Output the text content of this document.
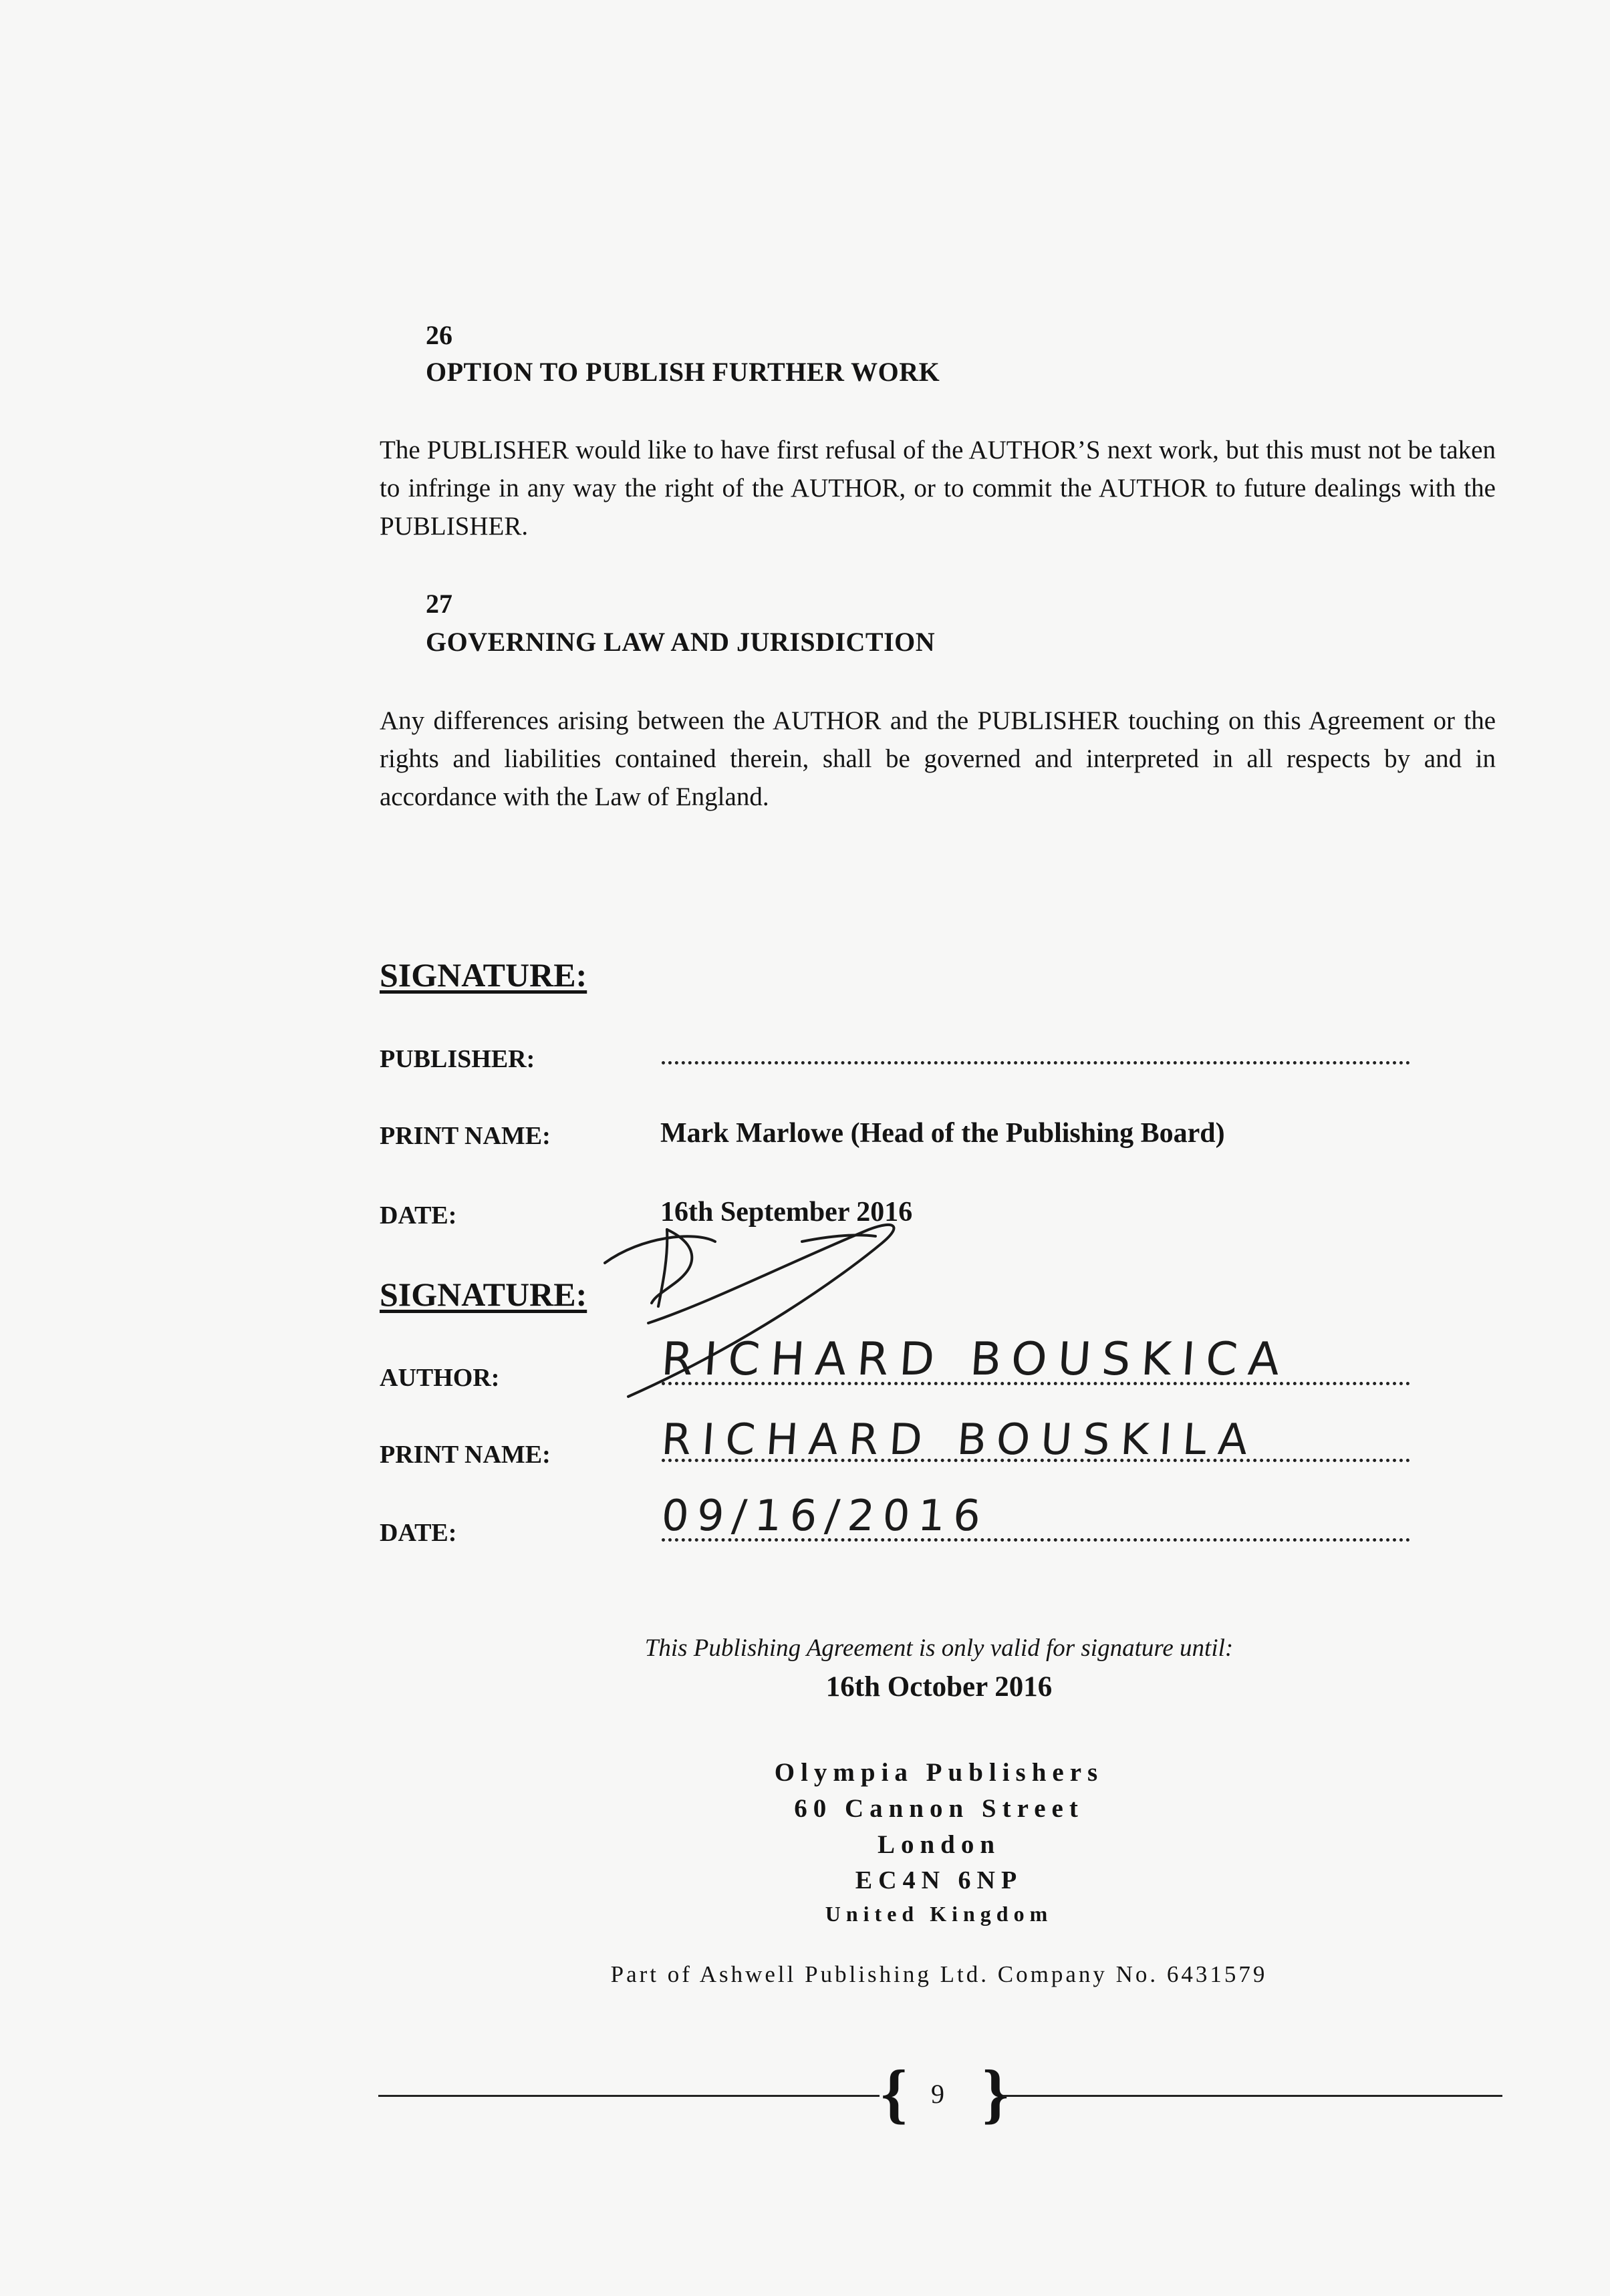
26
OPTION TO PUBLISH FURTHER WORK
The PUBLISHER would like to have first refusal of the AUTHOR’S next work, but this must not be taken to infringe in any way the right of the AUTHOR, or to commit the AUTHOR to future dealings with the PUBLISHER.
27
GOVERNING LAW AND JURISDICTION
Any differences arising between the AUTHOR and the PUBLISHER touching on this Agreement or the rights and liabilities contained therein, shall be governed and interpreted in all respects by and in accordance with the Law of England.
SIGNATURE:
PUBLISHER:
PRINT NAME:	Mark Marlowe (Head of the Publishing Board)
DATE:	16th September 2016
SIGNATURE:
AUTHOR:	RICHARD BOUSKICA
PRINT NAME:	RICHARD BOUSKILA
DATE:	09/16/2016
This Publishing Agreement is only valid for signature until:
16th October 2016
Olympia Publishers
60 Cannon Street
London
EC4N 6NP
United Kingdom
Part of Ashwell Publishing Ltd. Company No. 6431579
{ 9 }
